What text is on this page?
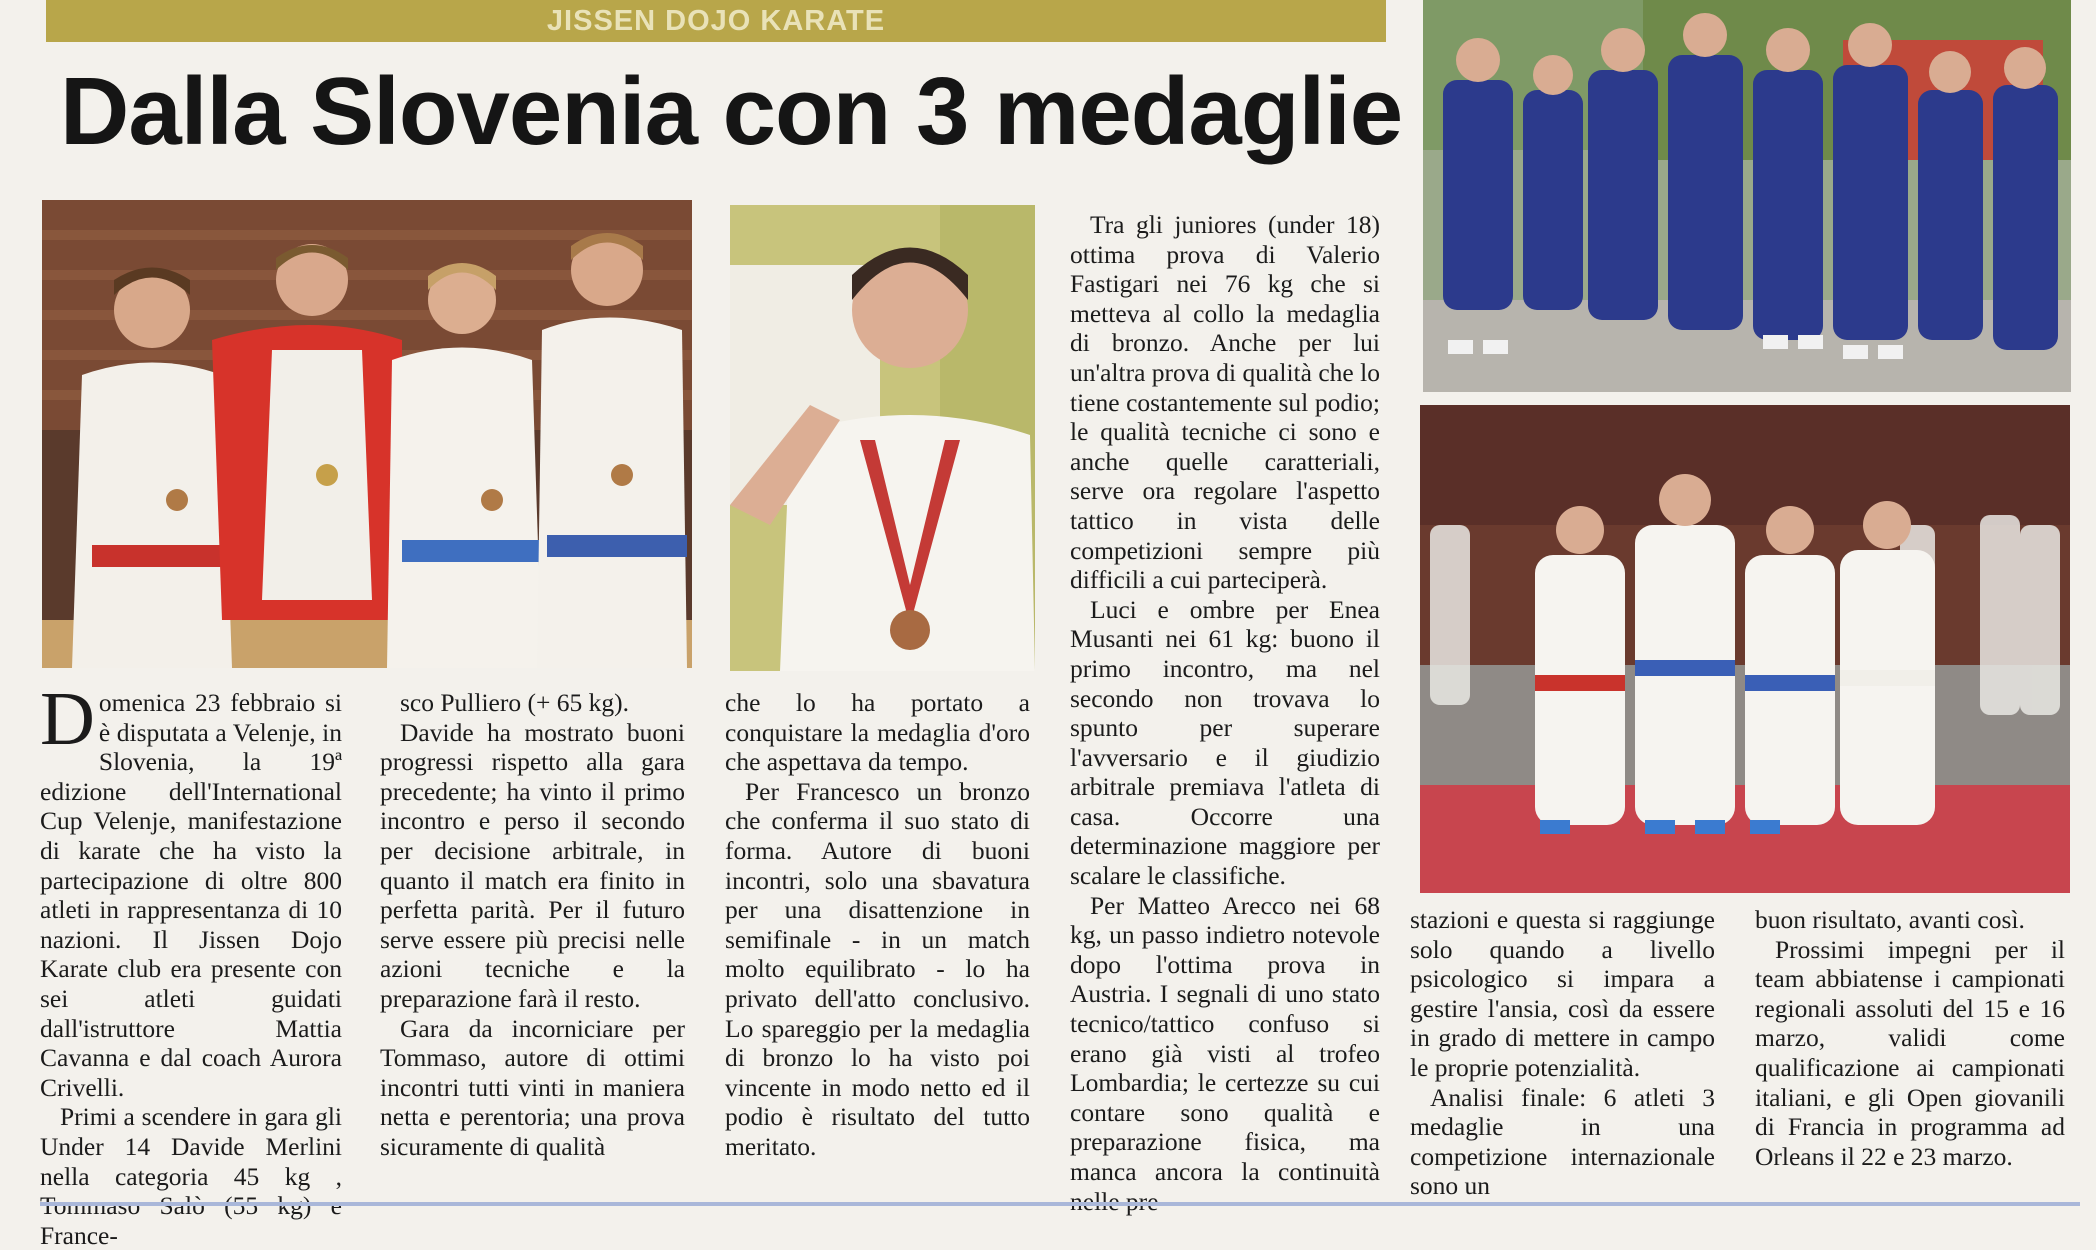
JISSEN DOJO KARATE
Dalla Slovenia con 3 medaglie

Domenica 23 febbraio si è disputata a Velenje, in Slovenia, la 19ª edizione dell'International Cup Velenje, manifestazione di karate che ha visto la partecipazione di oltre 800 atleti in rappresentanza di 10 nazioni. Il Jissen Dojo Karate club era presente con sei atleti guidati dall'istruttore Mattia Cavanna e dal coach Aurora Crivelli.

Primi a scendere in gara gli Under 14 Davide Merlini nella categoria 45 kg , France-

sco Pulliero (+ 65 kg).

Davide ha mostrato buoni progressi rispetto alla gara precedente; ha vinto il primo incontro e perso il secondo per decisione arbitrale, in quanto il match era finito in perfetta parità. Per il futuro serve essere più precisi nelle azioni tecniche e la preparazione farà il resto.

Gara da incorniciare per Tommaso, autore di ottimi incontri tutti vinti in maniera netta e perentoria; una prova sicuramente di qualità

che lo ha portato a conquistare la medaglia d'oro che aspettava da tempo.

Per Francesco un bronzo che conferma il suo stato di forma. Autore di buoni incontri, solo una sbavatura per una disattenzione in semifinale - in un match molto equilibrato - lo ha privato dell'atto conclusivo. Lo spareggio per la medaglia di bronzo lo ha visto poi vincente in modo netto ed il podio è risultato del tutto meritato.

Tra gli juniores (under 18) ottima prova di Valerio Fastigari nei 76 kg che si metteva al collo la medaglia di bronzo. Anche per lui un'altra prova di qualità che lo tiene costantemente sul podio; le qualità tecniche ci sono e anche quelle caratteriali, serve ora regolare l'aspetto tattico in vista delle competizioni sempre più difficili a cui parteciperà.

Luci e ombre per Enea Musanti nei 61 kg: buono il primo incontro, ma nel secondo non trovava lo spunto per superare l'avversario e il giudizio arbitrale premiava l'atleta di casa. Occorre una determinazione maggiore per scalare le classifiche.

Per Matteo Arecco nei 68 kg, un passo indietro notevole dopo l'ottima prova in Austria. I segnali di uno stato tecnico/tattico confuso si erano già visti al trofeo Lombardia; le certezze su cui contare sono qualità e preparazione fisica, ma manca ancora la continuità

stazioni e questa si raggiunge solo quando a livello psicologico si impara a gestire l'ansia, così da essere in grado di mettere in campo le proprie potenzialità.

Analisi finale: 6 atleti 3 medaglie in una competizione internazionale sono un

buon risultato, avanti così.

Prossimi impegni per il team abbiatense i campionati regionali assoluti del 15 e 16 marzo, validi come qualificazione ai campionati italiani, e gli Open giovanili di Francia in programma ad Orleans il 22 e 23 marzo.
